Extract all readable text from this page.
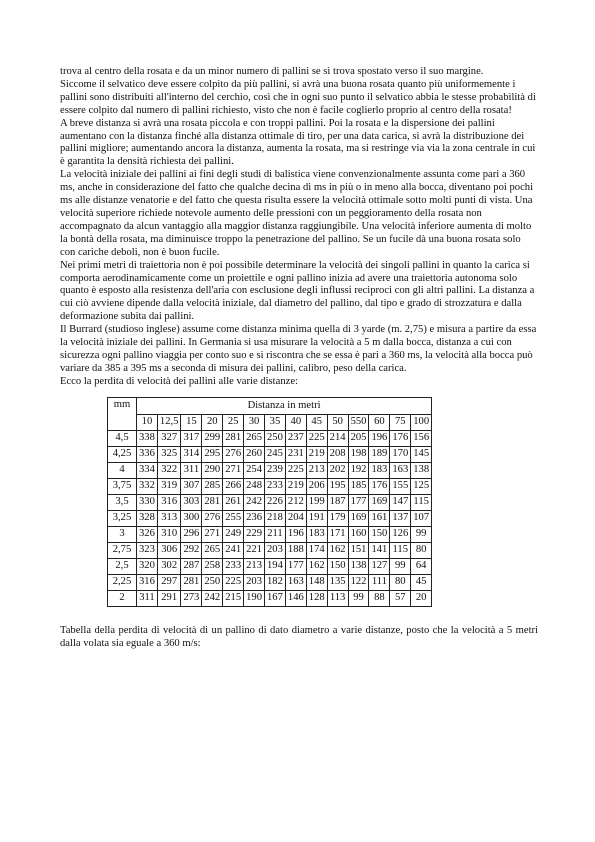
trova al centro della rosata e da un minor numero di pallini se si trova spostato verso il suo margine.

Siccome il selvatico deve essere colpito da più pallini, si avrà una buona rosata quanto più uniformemente i pallini sono distribuiti all'interno del cerchio, così che in ogni suo punto il selvatico abbia le stesse probabilità di essere colpito dal numero di pallini richiesto, visto che non è facile coglierlo proprio al centro della rosata!

A breve distanza si avrà una rosata piccola e con troppi pallini. Poi la rosata e la dispersione dei pallini aumentano con la distanza finché alla distanza ottimale di tiro, per una data carica, si avrà la distribuzione dei pallini migliore; aumentando ancora la distanza, aumenta la rosata, ma si restringe via via la zona centrale in cui è garantita la densità richiesta dei pallini.

La velocità iniziale dei pallini ai fini degli studi di balistica viene convenzionalmente assunta come pari a 360 ms, anche in considerazione del fatto che qualche decina di ms in più o in meno alla bocca, diventano poi pochi ms alle distanze venatorie e del fatto che questa risulta essere la velocità ottimale sotto molti punti di vista. Una velocità superiore richiede notevole aumento delle pressioni con un peggioramento della rosata non accompagnato da alcun vantaggio alla maggior distanza raggiungibile. Una velocità inferiore aumenta di molto la bontà della rosata, ma diminuisce troppo la penetrazione del pallino. Se un fucile dà una buona rosata solo con cariche deboli, non è buon fucile.

Nei primi metri di traiettoria non è poi possibile determinare la velocità dei singoli pallini in quanto la carica si comporta aerodinamicamente come un proiettile e ogni pallino inizia ad avere una traiettoria autonoma solo quanto è esposto alla resistenza dell'aria con esclusione degli influssi reciproci con gli altri pallini. La distanza a cui ciò avviene dipende dalla velocità iniziale, dal diametro del pallino, dal tipo e grado di strozzatura e dalla deformazione subita dai pallini.

Il Burrard (studioso inglese) assume come distanza minima quella di 3 yarde (m. 2,75) e misura a partire da essa la velocità iniziale dei pallini. In Germania si usa misurare la velocità a 5 m dalla bocca, distanza a cui con sicurezza ogni pallino viaggia per conto suo e si riscontra che se essa è pari a 360 ms, la velocità alla bocca può variare da 385 a 395 ms a seconda di misura dei pallini, calibro, peso della carica.

Ecco la perdita di velocità dei pallini alle varie distanze:

mm	Distanza in metri													
	10	12,5	15	20	25	30	35	40	45	50	550	60	75	100
4,5	338	327	317	299	281	265	250	237	225	214	205	196	176	156
4,25	336	325	314	295	276	260	245	231	219	208	198	189	170	145
4	334	322	311	290	271	254	239	225	213	202	192	183	163	138
3,75	332	319	307	285	266	248	233	219	206	195	185	176	155	125
3,5	330	316	303	281	261	242	226	212	199	187	177	169	147	115
3,25	328	313	300	276	255	236	218	204	191	179	169	161	137	107
3	326	310	296	271	249	229	211	196	183	171	160	150	126	99
2,75	323	306	292	265	241	221	203	188	174	162	151	141	115	80
2,5	320	302	287	258	233	213	194	177	162	150	138	127	99	64
2,25	316	297	281	250	225	203	182	163	148	135	122	111	80	45
2	311	291	273	242	215	190	167	146	128	113	99	88	57	20

Tabella della perdita di velocità di un pallino di dato diametro a varie distanze, posto che la velocità a 5 metri dalla volata sia eguale a 360 m/s:
